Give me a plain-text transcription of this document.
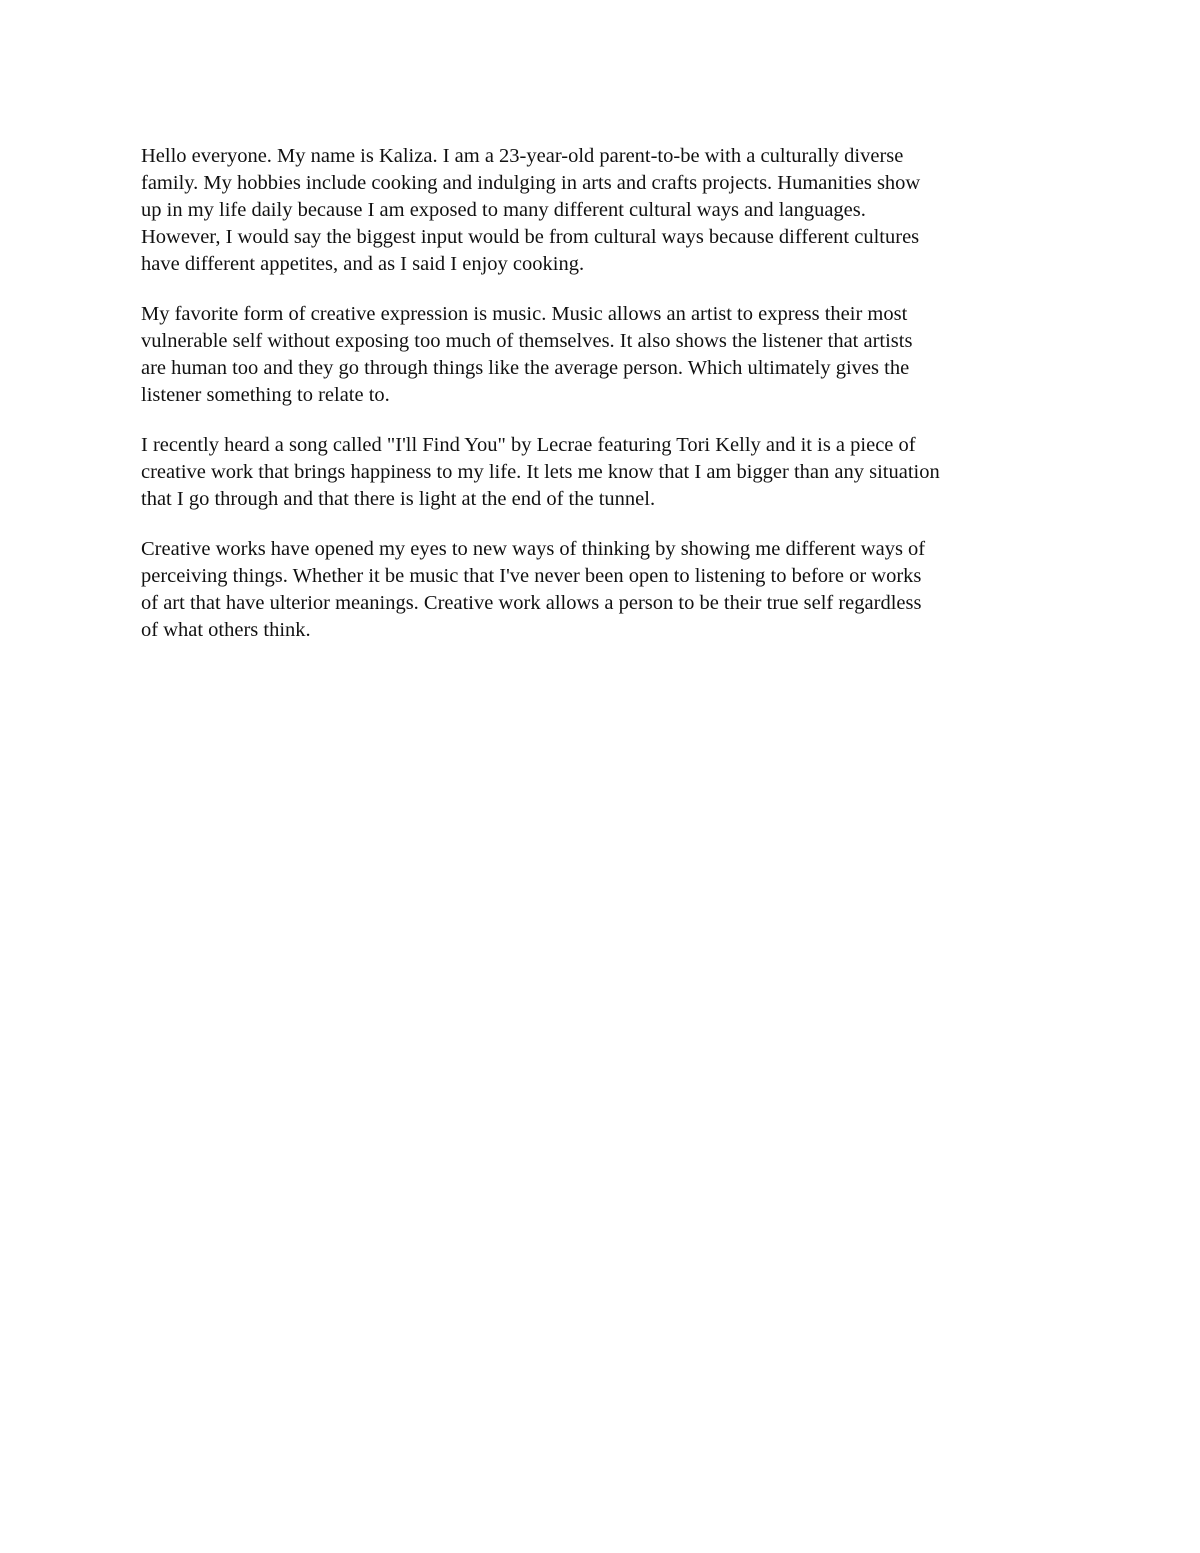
Hello everyone. My name is Kaliza. I am a 23-year-old parent-to-be with a culturally diverse
family. My hobbies include cooking and indulging in arts and crafts projects. Humanities show
up in my life daily because I am exposed to many different cultural ways and languages.
However, I would say the biggest input would be from cultural ways because different cultures
have different appetites, and as I said I enjoy cooking.

My favorite form of creative expression is music. Music allows an artist to express their most
vulnerable self without exposing too much of themselves. It also shows the listener that artists
are human too and they go through things like the average person. Which ultimately gives the
listener something to relate to.

I recently heard a song called "I'll Find You" by Lecrae featuring Tori Kelly and it is a piece of
creative work that brings happiness to my life. It lets me know that I am bigger than any situation
that I go through and that there is light at the end of the tunnel.

Creative works have opened my eyes to new ways of thinking by showing me different ways of
perceiving things. Whether it be music that I've never been open to listening to before or works
of art that have ulterior meanings. Creative work allows a person to be their true self regardless
of what others think.
